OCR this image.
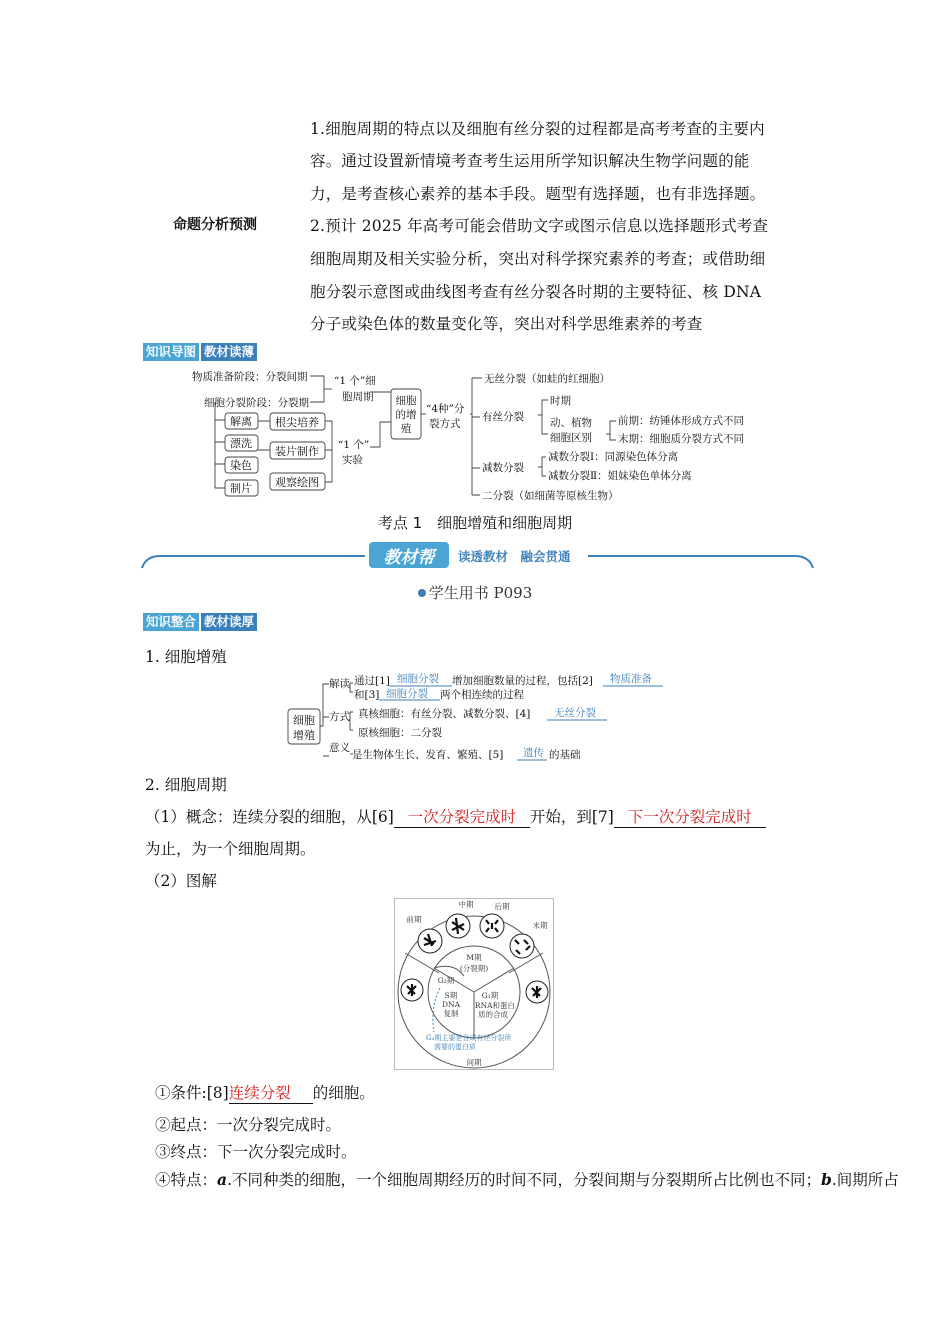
命题分析预测
1.细胞周期的特点以及细胞有丝分裂的过程都是高考考查的主要内
容。通过设置新情境考查考生运用所学知识解决生物学问题的能
力，是考查核心素养的基本手段。题型有选择题，也有非选择题。
2.预计 2025 年高考可能会借助文字或图示信息以选择题形式考查
细胞周期及相关实验分析，突出对科学探究素养的考查；或借助细
胞分裂示意图或曲线图考查有丝分裂各时期的主要特征、核 DNA
分子或染色体的数量变化等，突出对科学思维素养的考查
知识导图 教材读薄
物质准备阶段：分裂间期
细胞分裂阶段：分裂期
“1 个”细
胞周期
“1 个”
实验
“4种”分
裂方式
无丝分裂（如蛙的红细胞）
有丝分裂
时期
动、植物
细胞区别
前期：纺锤体形成方式不同
末期：细胞质分裂方式不同
减数分裂
减数分裂Ⅰ：同源染色体分离
减数分裂Ⅱ：姐妹染色单体分离
二分裂（如细菌等原核生物）
解离
漂洗
染色
制片
根尖培养
装片制作
观察绘图
细胞
的增
殖
考点 1　细胞增殖和细胞周期
教材帮	读透教材　融会贯通
学生用书 P093
知识整合 教材读厚
1. 细胞增殖
细胞
增殖
解读
方式
意义
通过[1] 细胞分裂 增加细胞数量的过程，包括[2] 物质准备
和[3] 细胞分裂 两个相连续的过程
真核细胞：有丝分裂、减数分裂、[4] 无丝分裂
原核细胞：二分裂
是生物体生长、发育、繁殖、[5] 遗传 的基础
2. 细胞周期
（1）概念：连续分裂的细胞，从[6] 一次分裂完成时 开始，到[7] 下一次分裂完成时
为止，为一个细胞周期。
（2）图解
中期	后期
前期
末期
M期
(分裂期)
G₂期
S期
DNA
复制
G₁期
RNA和蛋白
质的合成
间期
G₂期主要是合成有丝分裂所
需要的蛋白质
①条件:[8]连续分裂 的细胞。
②起点：一次分裂完成时。
③终点：下一次分裂完成时。
④特点：a.不同种类的细胞，一个细胞周期经历的时间不同，分裂间期与分裂期所占比例也不同；b.间期所占
